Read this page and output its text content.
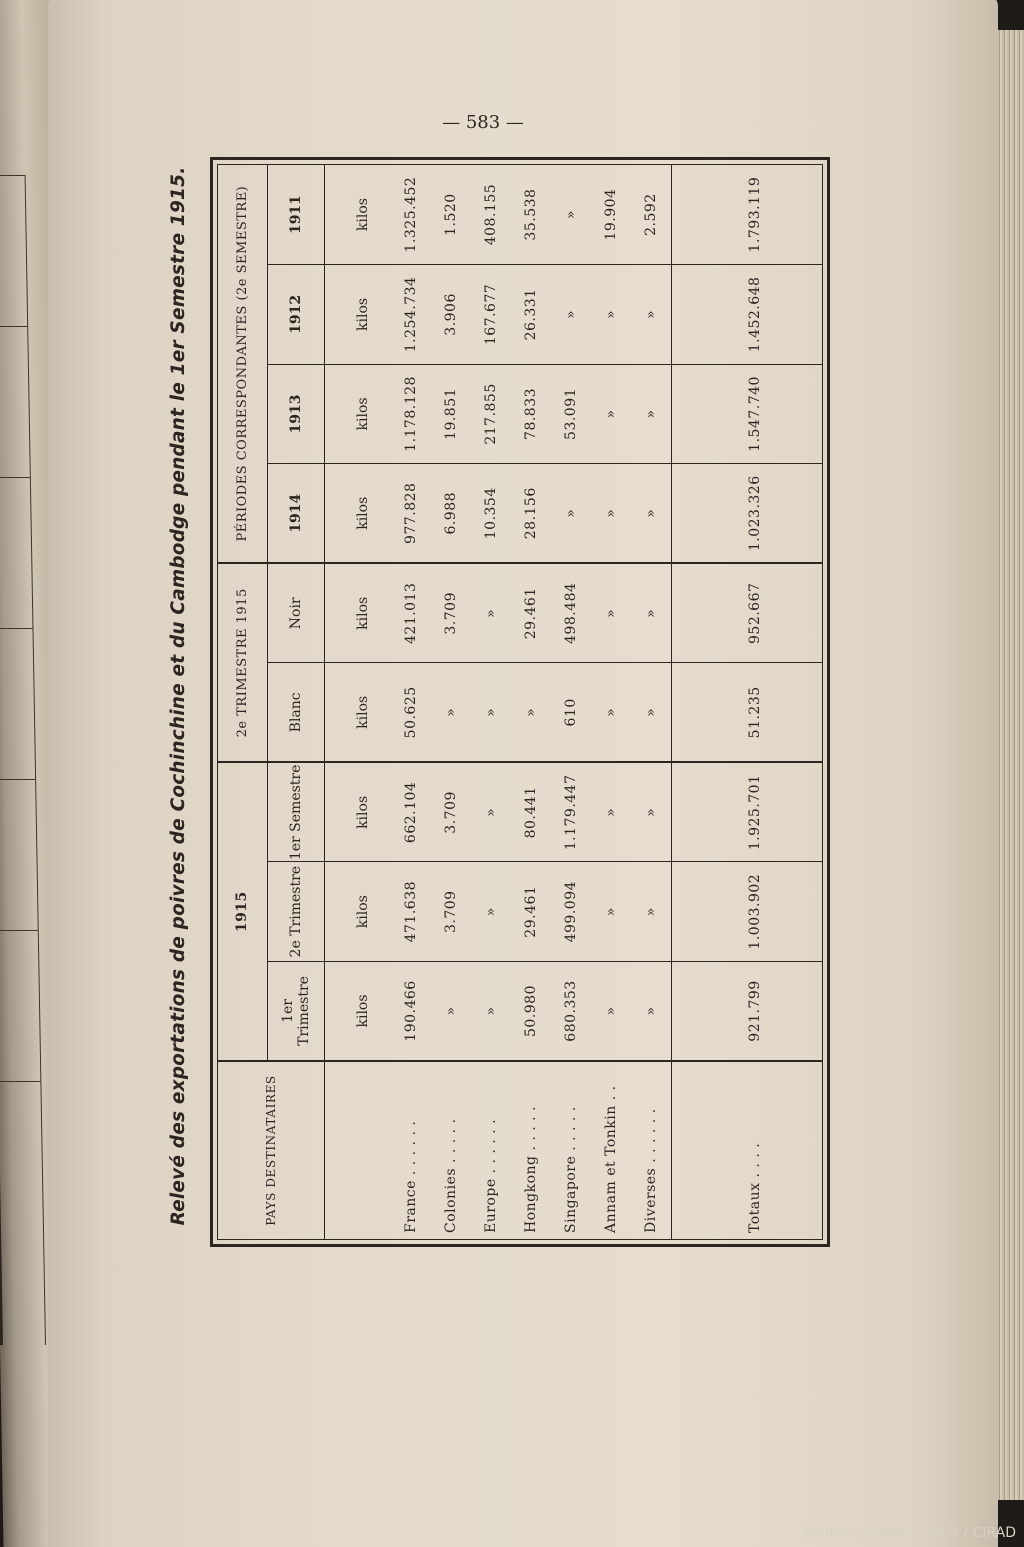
— 583 —
Relevé des exportations de poivres de Cochinchine et du Cambodge pendant le 1er Semestre 1915.	PAYS DESTINATAIRES	1915			2e TRIMESTRE 1915		PÉRIODES CORRESPONDANTES (2e SEMESTRE)			
	1er Trimestre	2e Trimestre	1er Semestre	Blanc	Noir	1914	1913	1912	1911
	kilos	kilos	kilos	kilos	kilos	kilos	kilos	kilos	kilos
France . . . . . .	190.466	471.638	662.104	50.625	421.013	977.828	1.178.128	1.254.734	1.325.452
Colonies . . . . .	»	3.709	3.709	»	3.709	6.988	19.851	3.906	1.520
Europe . . . . . .	»	»	»	»	»	10.354	217.855	167.677	408.155
Hongkong . . . . .	50.980	29.461	80.441	»	29.461	28.156	78.833	26.331	35.538
Singapore . . . . .	680.353	499.094	1.179.447	610	498.484	»	53.091	»	»
Annam et Tonkin . .	»	»	»	»	»	»	»	»	19.904
Diverses . . . . . .	»	»	»	»	»	»	»	»	2.592
Totaux . . . .	921.799	1.003.902	1.925.701	51.235	952.667	1.023.326	1.547.740	1.452.648	1.793.119
Source numba.cirad.fr / CIRAD
